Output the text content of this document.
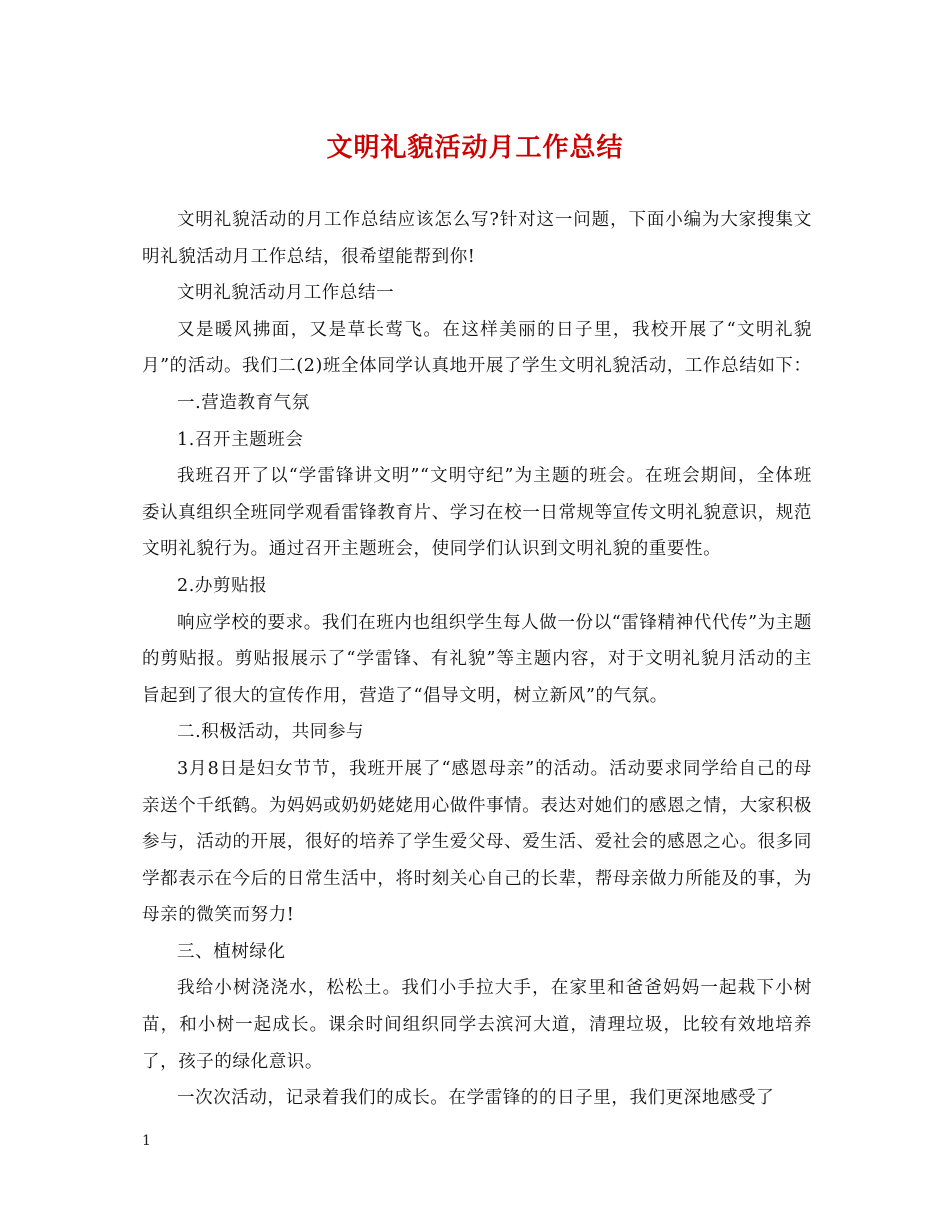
文明礼貌活动月工作总结

文明礼貌活动的月工作总结应该怎么写?针对这一问题，下面小编为大家搜集文明礼貌活动月工作总结，很希望能帮到你!

文明礼貌活动月工作总结一

又是暖风拂面，又是草长莺飞。在这样美丽的日子里，我校开展了“文明礼貌月”的活动。我们二(2)班全体同学认真地开展了学生文明礼貌活动，工作总结如下：

一.营造教育气氛

1.召开主题班会

我班召开了以“学雷锋讲文明”“文明守纪”为主题的班会。在班会期间，全体班委认真组织全班同学观看雷锋教育片、学习在校一日常规等宣传文明礼貌意识，规范文明礼貌行为。通过召开主题班会，使同学们认识到文明礼貌的重要性。

2.办剪贴报

响应学校的要求。我们在班内也组织学生每人做一份以“雷锋精神代代传”为主题的剪贴报。剪贴报展示了“学雷锋、有礼貌”等主题内容，对于文明礼貌月活动的主旨起到了很大的宣传作用，营造了“倡导文明，树立新风”的气氛。

二.积极活动，共同参与

3月8日是妇女节节，我班开展了“感恩母亲”的活动。活动要求同学给自己的母亲送个千纸鹤。为妈妈或奶奶姥姥用心做件事情。表达对她们的感恩之情，大家积极参与，活动的开展，很好的培养了学生爱父母、爱生活、爱社会的感恩之心。很多同学都表示在今后的日常生活中，将时刻关心自己的长辈，帮母亲做力所能及的事，为母亲的微笑而努力!

三、植树绿化

我给小树浇浇水，松松土。我们小手拉大手，在家里和爸爸妈妈一起栽下小树苗，和小树一起成长。课余时间组织同学去滨河大道，清理垃圾，比较有效地培养了，孩子的绿化意识。

一次次活动，记录着我们的成长。在学雷锋的的日子里，我们更深地感受了

1
